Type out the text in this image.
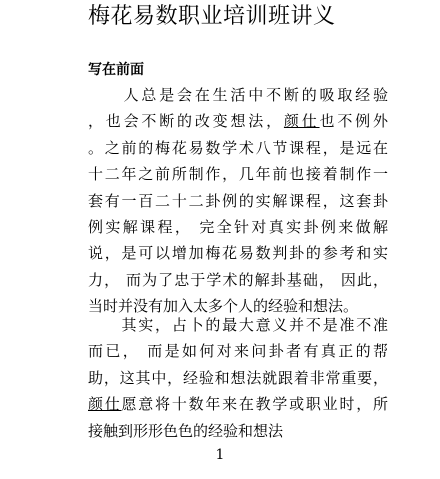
梅花易数职业培训班讲义
写在前面
　　人总是会在生活中不断的吸取经验
，也会不断的改变想法，颜仕也不例外
。之前的梅花易数学术八节课程，是远在
十二年之前所制作，几年前也接着制作一
套有一百二十二卦例的实解课程，这套卦
例实解课程， 完全针对真实卦例来做解
说，是可以增加梅花易数判卦的参考和实
力， 而为了忠于学术的解卦基础， 因此，
当时并没有加入太多个人的经验和想法。
　　其实，占卜的最大意义并不是准不准
而已， 而是如何对来问卦者有真正的帮
助，这其中，经验和想法就跟着非常重要，
颜仕愿意将十数年来在教学或职业时，所
接触到形形色色的经验和想法
1
